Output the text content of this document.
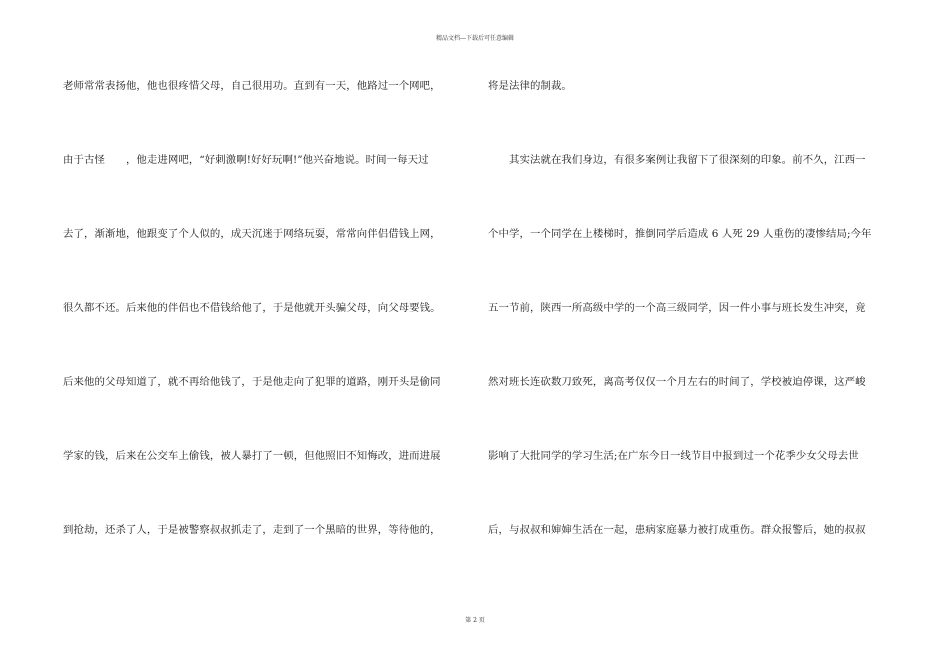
精品文档---下载后可任意编辑
老师常常表扬他，他也很疼惜父母，自己很用功。直到有一天，他路过一个网吧，
由于古怪　　，他走进网吧，“好刺激啊!好好玩啊!”他兴奋地说。时间一每天过
去了，渐渐地，他跟变了个人似的，成天沉迷于网络玩耍，常常向伴侣借钱上网，
很久都不还。后来他的伴侣也不借钱给他了，于是他就开头骗父母，向父母要钱。
后来他的父母知道了，就不再给他钱了，于是他走向了犯罪的道路，刚开头是偷同
学家的钱，后来在公交车上偷钱，被人暴打了一顿，但他照旧不知悔改，进而进展
到抢劫，还杀了人，于是被警察叔叔抓走了，走到了一个黑暗的世界，等待他的，
将是法律的制裁。
　　其实法就在我们身边，有很多案例让我留下了很深刻的印象。前不久，江西一
个中学，一个同学在上楼梯时，推倒同学后造成 6 人死 29 人重伤的凄惨结局;今年
五一节前，陕西一所高级中学的一个高三级同学，因一件小事与班长发生冲突，竟
然对班长连砍数刀致死，离高考仅仅一个月左右的时间了，学校被迫停课，这严峻
影响了大批同学的学习生活;在广东今日一线节目中报到过一个花季少女父母去世
后，与叔叔和婶婶生活在一起，患病家庭暴力被打成重伤。群众报警后，她的叔叔
第 2 页
